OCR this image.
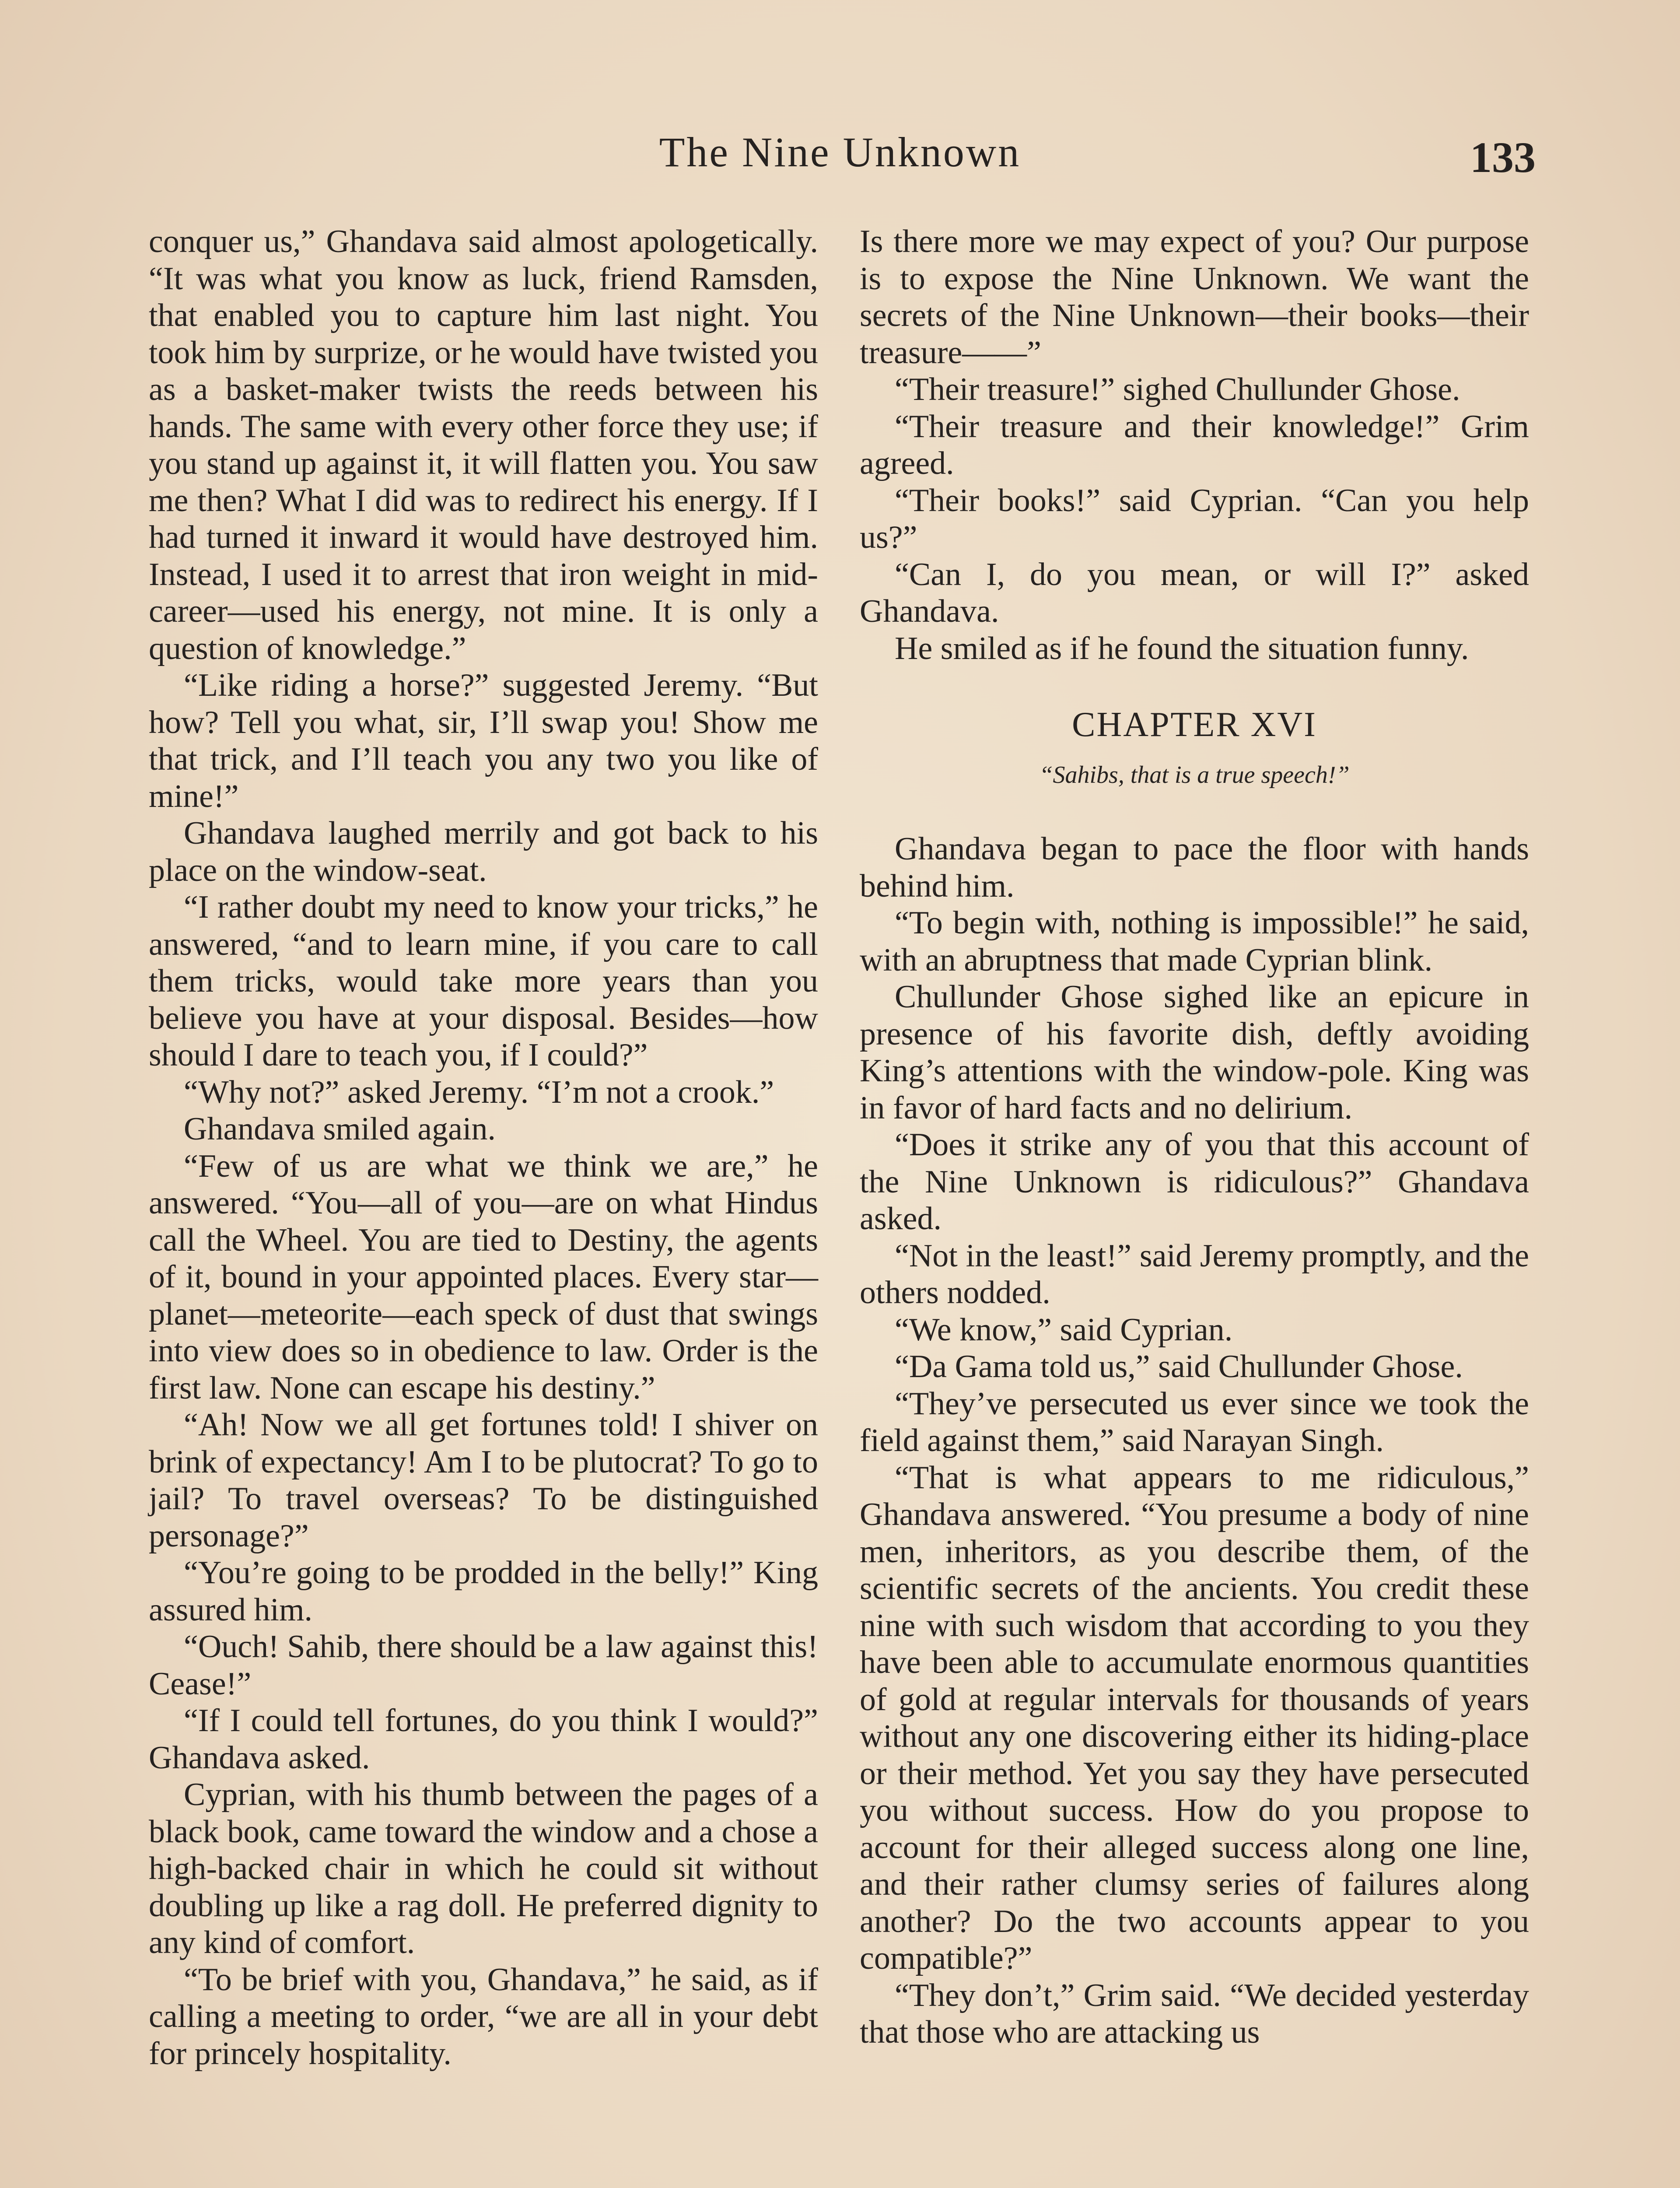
The Nine Unknown	133

conquer us,” Ghandava said almost apologetically. “It was what you know as luck, friend Ramsden, that enabled you to capture him last night. You took him by surprize, or he would have twisted you as a basket-maker twists the reeds between his hands. The same with every other force they use; if you stand up against it, it will flatten you. You saw me then? What I did was to redirect his energy. If I had turned it inward it would have destroyed him. Instead, I used it to arrest that iron weight in mid-career—used his energy, not mine. It is only a question of knowledge.”

“Like riding a horse?” suggested Jeremy. “But how? Tell you what, sir, I’ll swap you! Show me that trick, and I’ll teach you any two you like of mine!”

Ghandava laughed merrily and got back to his place on the window-seat.

“I rather doubt my need to know your tricks,” he answered, “and to learn mine, if you care to call them tricks, would take more years than you believe you have at your disposal. Besides—how should I dare to teach you, if I could?”

“Why not?” asked Jeremy. “I’m not a crook.”

Ghandava smiled again.

“Few of us are what we think we are,” he answered. “You—all of you—are on what Hindus call the Wheel. You are tied to Destiny, the agents of it, bound in your appointed places. Every star—planet—meteorite—each speck of dust that swings into view does so in obedience to law. Order is the first law. None can escape his destiny.”

“Ah! Now we all get fortunes told! I shiver on brink of expectancy! Am I to be plutocrat? To go to jail? To travel overseas? To be distinguished personage?”

“You’re going to be prodded in the belly!” King assured him.

“Ouch! Sahib, there should be a law against this! Cease!”

“If I could tell fortunes, do you think I would?” Ghandava asked.

Cyprian, with his thumb between the pages of a black book, came toward the window and a chose a high-backed chair in which he could sit without doubling up like a rag doll. He preferred dignity to any kind of comfort.

“To be brief with you, Ghandava,” he said, as if calling a meeting to order, “we are all in your debt for princely hospitality.

Is there more we may expect of you? Our purpose is to expose the Nine Unknown. We want the secrets of the Nine Unknown—their books—their treasure——”

“Their treasure!” sighed Chullunder Ghose.

“Their treasure and their knowledge!” Grim agreed.

“Their books!” said Cyprian. “Can you help us?”

“Can I, do you mean, or will I?” asked Ghandava.

He smiled as if he found the situation funny.

CHAPTER XVI
“Sahibs, that is a true speech!”

Ghandava began to pace the floor with hands behind him.

“To begin with, nothing is impossible!” he said, with an abruptness that made Cyprian blink.

Chullunder Ghose sighed like an epicure in presence of his favorite dish, deftly avoiding King’s attentions with the window-pole. King was in favor of hard facts and no delirium.

“Does it strike any of you that this account of the Nine Unknown is ridiculous?” Ghandava asked.

“Not in the least!” said Jeremy promptly, and the others nodded.

“We know,” said Cyprian.

“Da Gama told us,” said Chullunder Ghose.

“They’ve persecuted us ever since we took the field against them,” said Narayan Singh.

“That is what appears to me ridiculous,” Ghandava answered. “You presume a body of nine men, inheritors, as you describe them, of the scientific secrets of the ancients. You credit these nine with such wisdom that according to you they have been able to accumulate enormous quantities of gold at regular intervals for thousands of years without any one discovering either its hiding-place or their method. Yet you say they have persecuted you without success. How do you propose to account for their alleged success along one line, and their rather clumsy series of failures along another? Do the two accounts appear to you compatible?”

“They don’t,” Grim said. “We decided yesterday that those who are attacking us
